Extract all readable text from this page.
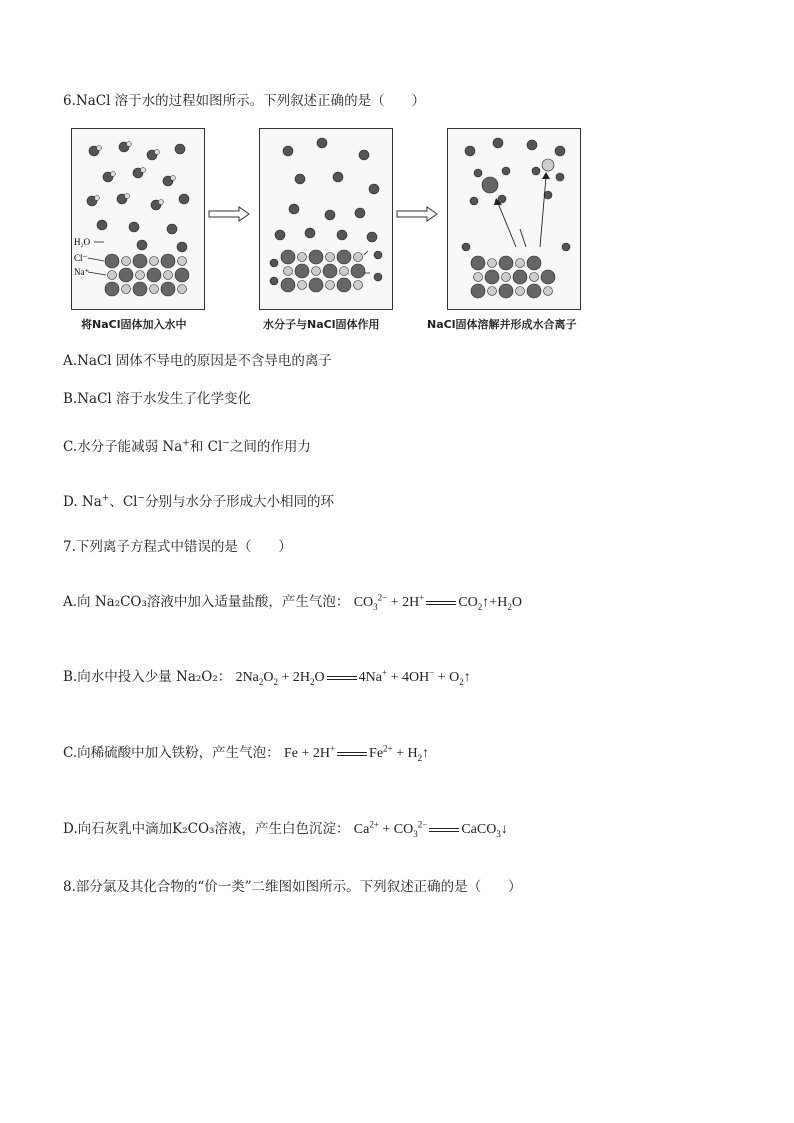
6.NaCl 溶于水的过程如图所示。下列叙述正确的是（　　）
H₂O
Cl⁻
Na⁺
将NaCl固体加入水中	水分子与NaCl固体作用	NaCl固体溶解并形成水合离子
A.NaCl 固体不导电的原因是不含导电的离子
B.NaCl 溶于水发生了化学变化
C.水分子能减弱 Na+和 Cl−之间的作用力
D. Na+、Cl−分别与水分子形成大小相同的环
7.下列离子方程式中错误的是（　　）
A.向 Na₂CO₃溶液中加入适量盐酸，产生气泡： $CO_3^{2-} + 2H^+$ $CO_2↑+H_2O$
B.向水中投入少量 Na₂O₂： $2Na_2O_2 + 2H_2O$ $4Na^+ + 4OH^- + O_2↑$
C.向稀硫酸中加入铁粉，产生气泡： Fe + 2H+ $Fe^{2+}$ + $H_2↑$
D.向石灰乳中滴加K₂CO₃溶液，产生白色沉淀： $Ca^{2+} + CO_3^{2-}$ CaCO$_3$↓
8.部分氯及其化合物的“价一类”二维图如图所示。下列叙述正确的是（　　）
